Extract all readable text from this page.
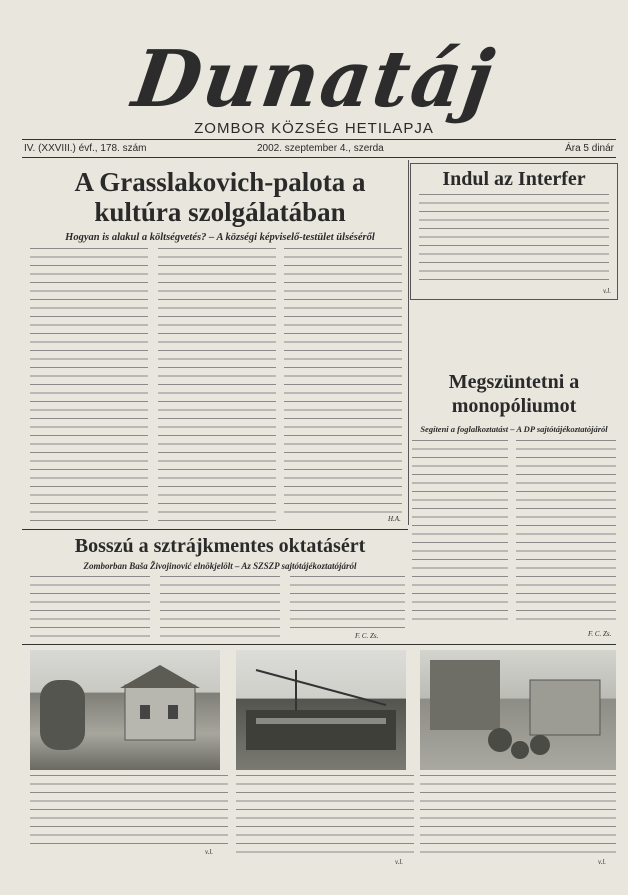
Dunatáj
ZOMBOR KÖZSÉG HETILAPJA
IV. (XXVIII.) évf., 178. szám	2002. szeptember 4., szerda	Ára 5 dinár
A Grasslakovich-palota a kultúra szolgálatában
Hogyan is alakul a költségvetés? – A községi képviselő-testület ülséséről
H.A.
Indul az Interfer
v.l.
Megszüntetni a monopóliumot
Segíteni a foglalkoztatást – A DP sajtótájékoztatójáról
F. C. Zs.
Bosszú a sztrájkmentes oktatásért
Zomborban Baša Živojinović elnökjelölt – Az SZSZP sajtótájékoztatójáról
F. C. Zs.
v.l.
v.l.	v.l.
